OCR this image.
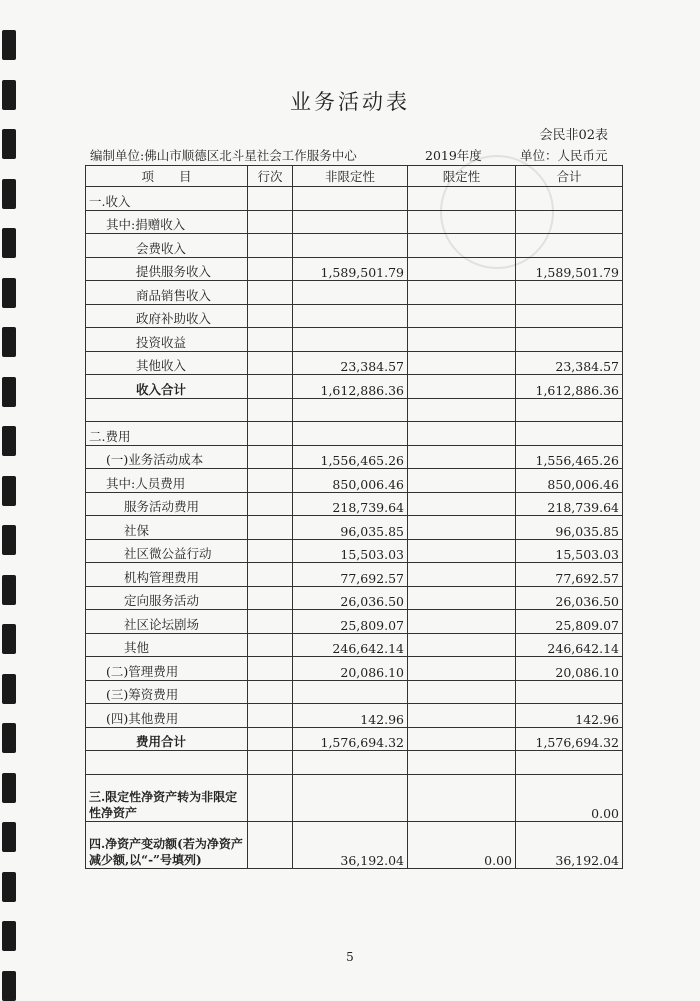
业务活动表
会民非02表
编制单位:佛山市顺德区北斗星社会工作服务中心	2019年度	单位：人民币元
项　　目	行次	非限定性	限定性	合计
一.收入				
其中:捐赠收入				
会费收入				
提供服务收入		1,589,501.79		1,589,501.79
商品销售收入				
政府补助收入				
投资收益				
其他收入		23,384.57		23,384.57
收入合计		1,612,886.36		1,612,886.36

二.费用				
(一)业务活动成本		1,556,465.26		1,556,465.26
其中:人员费用		850,006.46		850,006.46
服务活动费用		218,739.64		218,739.64
社保		96,035.85		96,035.85
社区微公益行动		15,503.03		15,503.03
机构管理费用		77,692.57		77,692.57
定向服务活动		26,036.50		26,036.50
社区论坛剧场		25,809.07		25,809.07
其他		246,642.14		246,642.14
(二)管理费用		20,086.10		20,086.10
(三)筹资费用				
(四)其他费用		142.96		142.96
费用合计		1,576,694.32		1,576,694.32

三.限定性净资产转为非限定性净资产				0.00
四.净资产变动额(若为净资产减少额,以“-”号填列)		36,192.04	0.00	36,192.04
5
